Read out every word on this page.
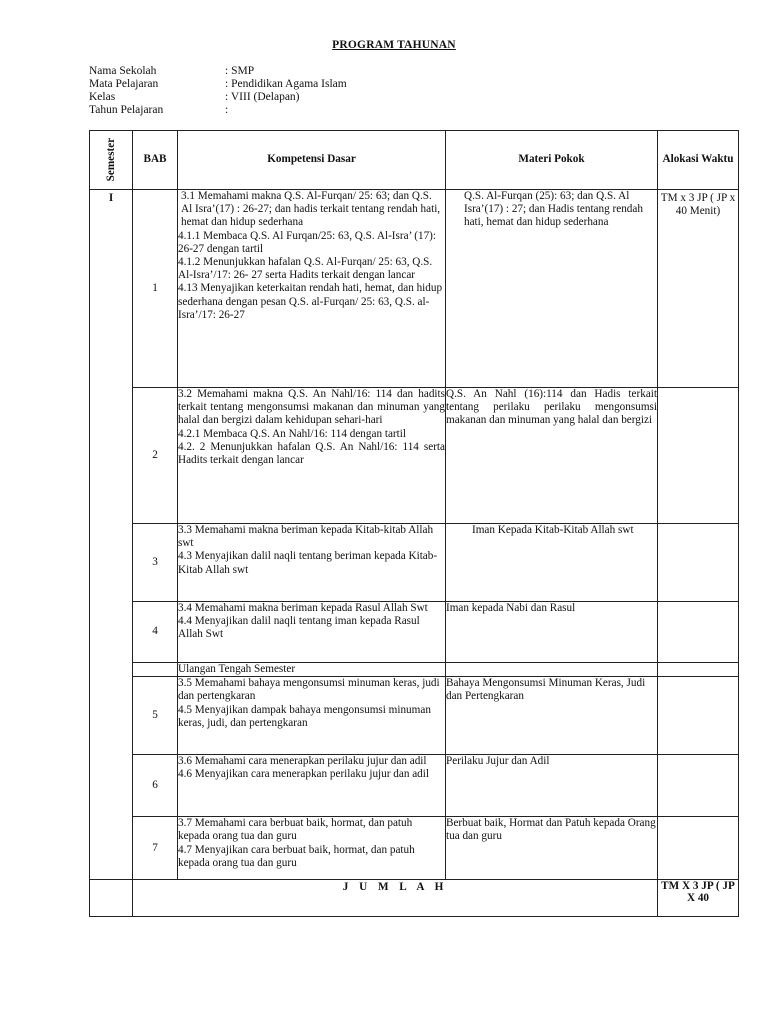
PROGRAM TAHUNAN
Nama Sekolah	: SMP
Mata Pelajaran	: Pendidikan Agama Islam
Kelas	: VIII (Delapan)
Tahun Pelajaran	:
Semester	BAB	Kompetensi Dasar	Materi Pokok	Alokasi Waktu
I	1	3.1 Memahami makna Q.S. Al-Furqan/ 25: 63; dan Q.S. Al Isra’(17) : 26-27; dan hadis terkait tentang rendah hati, hemat dan hidup sederhana
4.1.1 Membaca Q.S. Al Furqan/25: 63, Q.S. Al-Isra’ (17): 26-27 dengan tartil
4.1.2 Menunjukkan hafalan Q.S. Al-Furqan/ 25: 63, Q.S. Al-Isra’/17: 26- 27 serta Hadits terkait dengan lancar
4.13 Menyajikan keterkaitan rendah hati, hemat, dan hidup sederhana dengan pesan Q.S. al-Furqan/ 25: 63, Q.S. al-Isra’/17: 26-27	Q.S. Al-Furqan (25): 63; dan Q.S. Al Isra’(17) : 27; dan Hadis tentang rendah hati, hemat dan hidup sederhana	TM x 3 JP ( JP x 40 Menit)
	2	3.2 Memahami makna Q.S. An Nahl/16: 114 dan hadits terkait tentang mengonsumsi makanan dan minuman yang halal dan bergizi dalam kehidupan sehari-hari
4.2.1 Membaca Q.S. An Nahl/16: 114 dengan tartil
4.2. 2 Menunjukkan hafalan Q.S. An Nahl/16: 114 serta Hadits terkait dengan lancar	Q.S. An Nahl (16):114 dan Hadis terkait tentang perilaku perilaku mengonsumsi makanan dan minuman yang halal dan bergizi	
	3	3.3 Memahami makna beriman kepada Kitab-kitab Allah swt
4.3 Menyajikan dalil naqli tentang beriman kepada Kitab-Kitab Allah swt	Iman Kepada Kitab-Kitab Allah swt	
	4	3.4 Memahami makna beriman kepada Rasul Allah Swt
4.4 Menyajikan dalil naqli tentang iman kepada Rasul Allah Swt	Iman kepada Nabi dan Rasul	
		Ulangan Tengah Semester		
	5	3.5 Memahami bahaya mengonsumsi minuman keras, judi dan pertengkaran
4.5 Menyajikan dampak bahaya mengonsumsi minuman keras, judi, dan pertengkaran	Bahaya Mengonsumsi Minuman Keras, Judi dan Pertengkaran	
	6	3.6 Memahami cara menerapkan perilaku jujur dan adil
4.6 Menyajikan cara menerapkan perilaku jujur dan adil	Perilaku Jujur dan Adil	
	7	3.7 Memahami cara berbuat baik, hormat, dan patuh kepada orang tua dan guru
4.7 Menyajikan cara berbuat baik, hormat, dan patuh kepada orang tua dan guru	Berbuat baik, Hormat dan Patuh kepada Orang tua dan guru	
	J U M L A H			TM X 3 JP ( JP X 40
